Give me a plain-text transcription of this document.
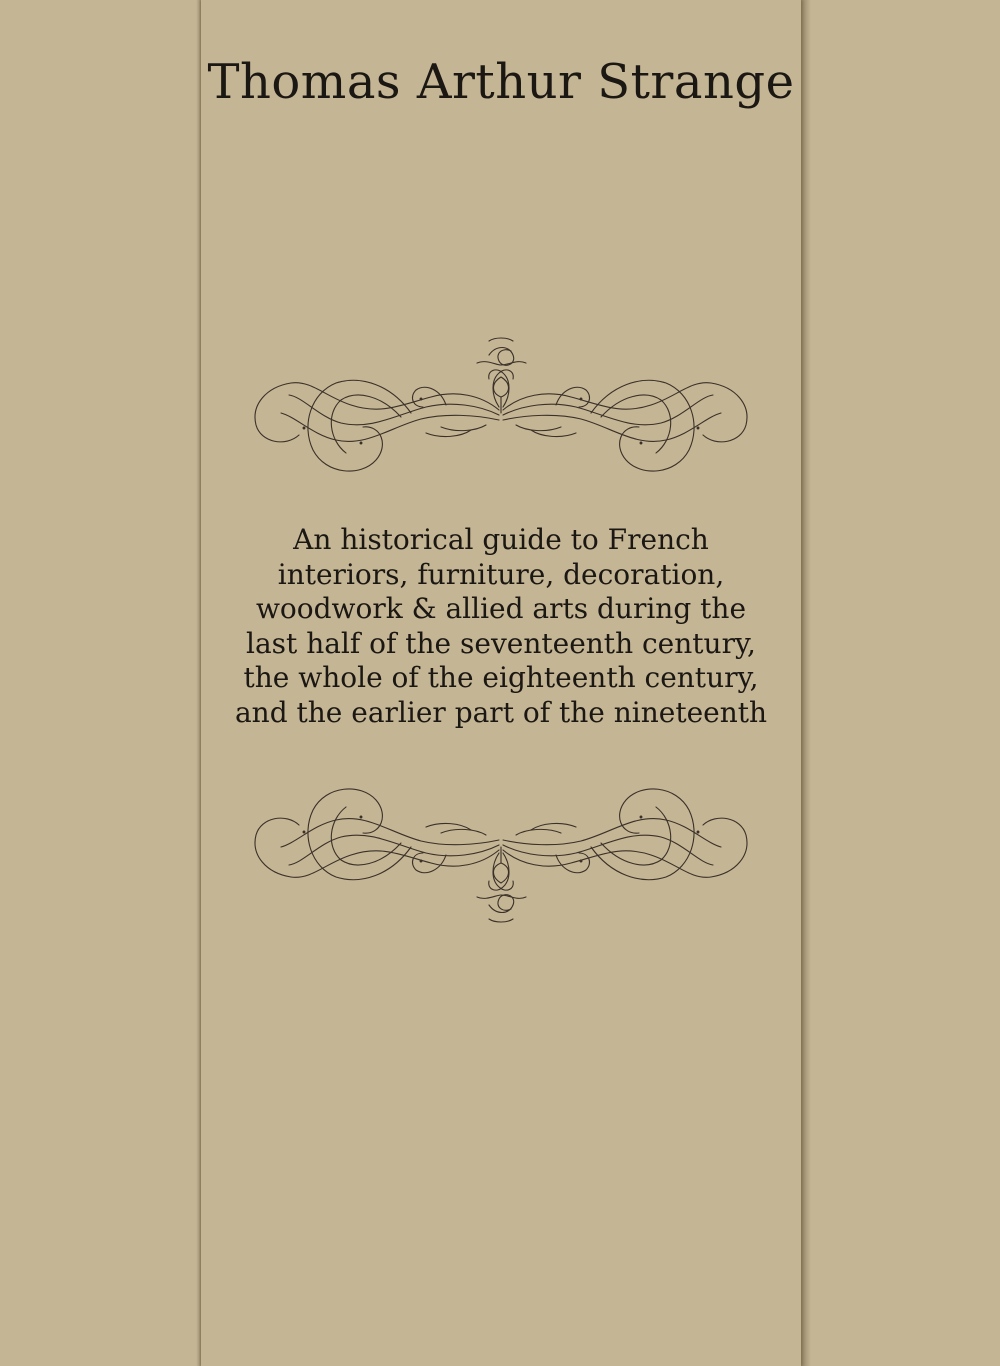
Thomas Arthur Strange
An historical guide to French
interiors, furniture, decoration,
woodwork & allied arts during the
last half of the seventeenth century,
the whole of the eighteenth century,
and the earlier part of the nineteenth
